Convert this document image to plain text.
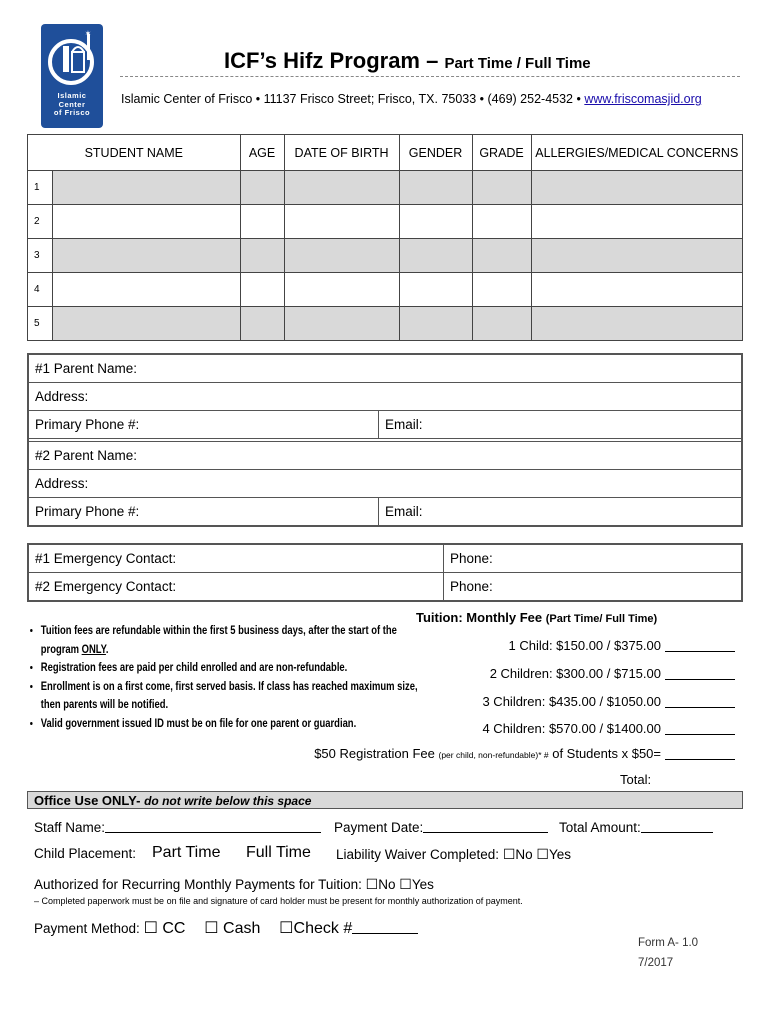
✶
Islamic
Center
of Frisco
ICF’s Hifz Program – Part Time / Full Time
Islamic Center of Frisco • 11137 Frisco Street; Frisco, TX. 75033 • (469) 252-4532 • www.friscomasjid.org
STUDENT NAME		AGE	DATE OF BIRTH	GENDER	GRADE	ALLERGIES/MEDICAL CONCERNS
1						
2						
3						
4						
5						
#1 Parent Name:
Address:
Primary Phone #:	Email:
#2 Parent Name:
Address:
Primary Phone #:	Email:
#1 Emergency Contact:	Phone:
#2 Emergency Contact:	Phone:
• Tuition fees are refundable within the first 5 business days, after the start of the program ONLY.
• Registration fees are paid per child enrolled and are non-refundable.
• Enrollment is on a first come, first served basis. If class has reached maximum size, then parents will be notified.
• Valid government issued ID must be on file for one parent or guardian.
Tuition: Monthly Fee (Part Time/ Full Time)
1 Child: $150.00 / $375.00
2 Children: $300.00 / $715.00
3 Children: $435.00 / $1050.00
4 Children: $570.00 / $1400.00
$50 Registration Fee (per child, non-refundable)* # of Students x $50=
Total:
Office Use ONLY- do not write below this space
Staff Name:	Payment Date:	Total Amount:
Child Placement: Part Time Full Time Liability Waiver Completed: ☐No ☐Yes
Authorized for Recurring Monthly Payments for Tuition: ☐No ☐Yes
– Completed paperwork must be on file and signature of card holder must be present for monthly authorization of payment.
Payment Method: ☐ CC ☐ Cash ☐Check #
Form A- 1.0
7/2017
